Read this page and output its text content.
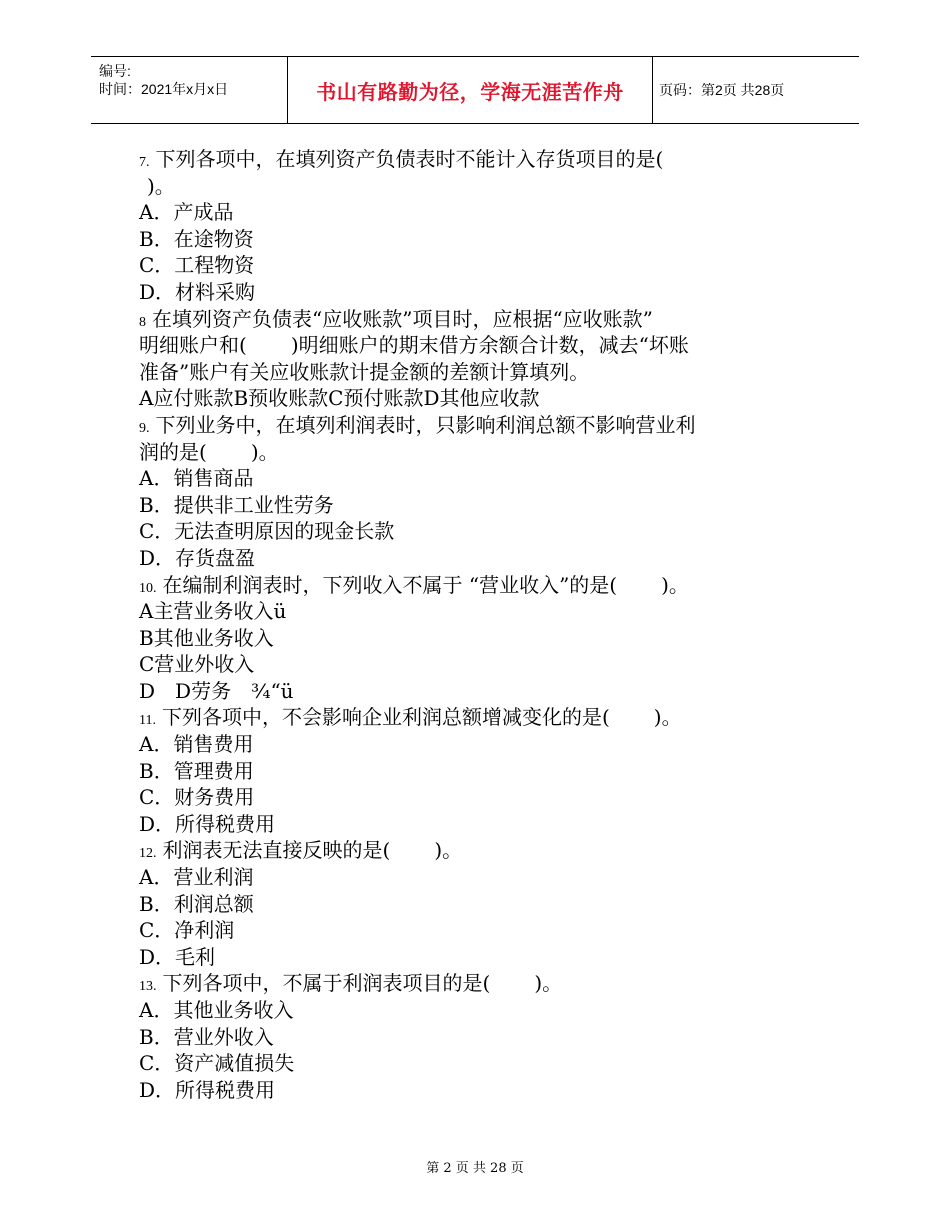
编号:
时间：2021年x月x日	书山有路勤为径，学海无涯苦作舟	页码：第2页 共28页
7. 下列各项中，在填列资产负债表时不能计入存货项目的是(
)。
A．产成品
B．在途物资
C．工程物资
D．材料采购
8 在填列资产负债表“应收账款”项目时，应根据“应收账款”
明细账户和( )明细账户的期末借方余额合计数，减去“坏账
准备”账户有关应收账款计提金额的差额计算填列。
A应付账款B预收账款C预付账款D其他应收款
9. 下列业务中，在填列利润表时，只影响利润总额不影响营业利
润的是( )。
A．销售商品
B．提供非工业性劳务
C．无法查明原因的现金长款
D．存货盘盈
10. 在编制利润表时，下列收入不属于 “营业收入”的是( )。
A主营业务收入ü
B其他业务收入
C营业外收入
D　D劳务　¾“ü
11. 下列各项中，不会影响企业利润总额增减变化的是( )。
A．销售费用
B．管理费用
C．财务费用
D．所得税费用
12. 利润表无法直接反映的是( )。
A．营业利润
B．利润总额
C．净利润
D．毛利
13. 下列各项中，不属于利润表项目的是( )。
A．其他业务收入
B．营业外收入
C．资产减值损失
D．所得税费用
第 2 页 共 28 页
